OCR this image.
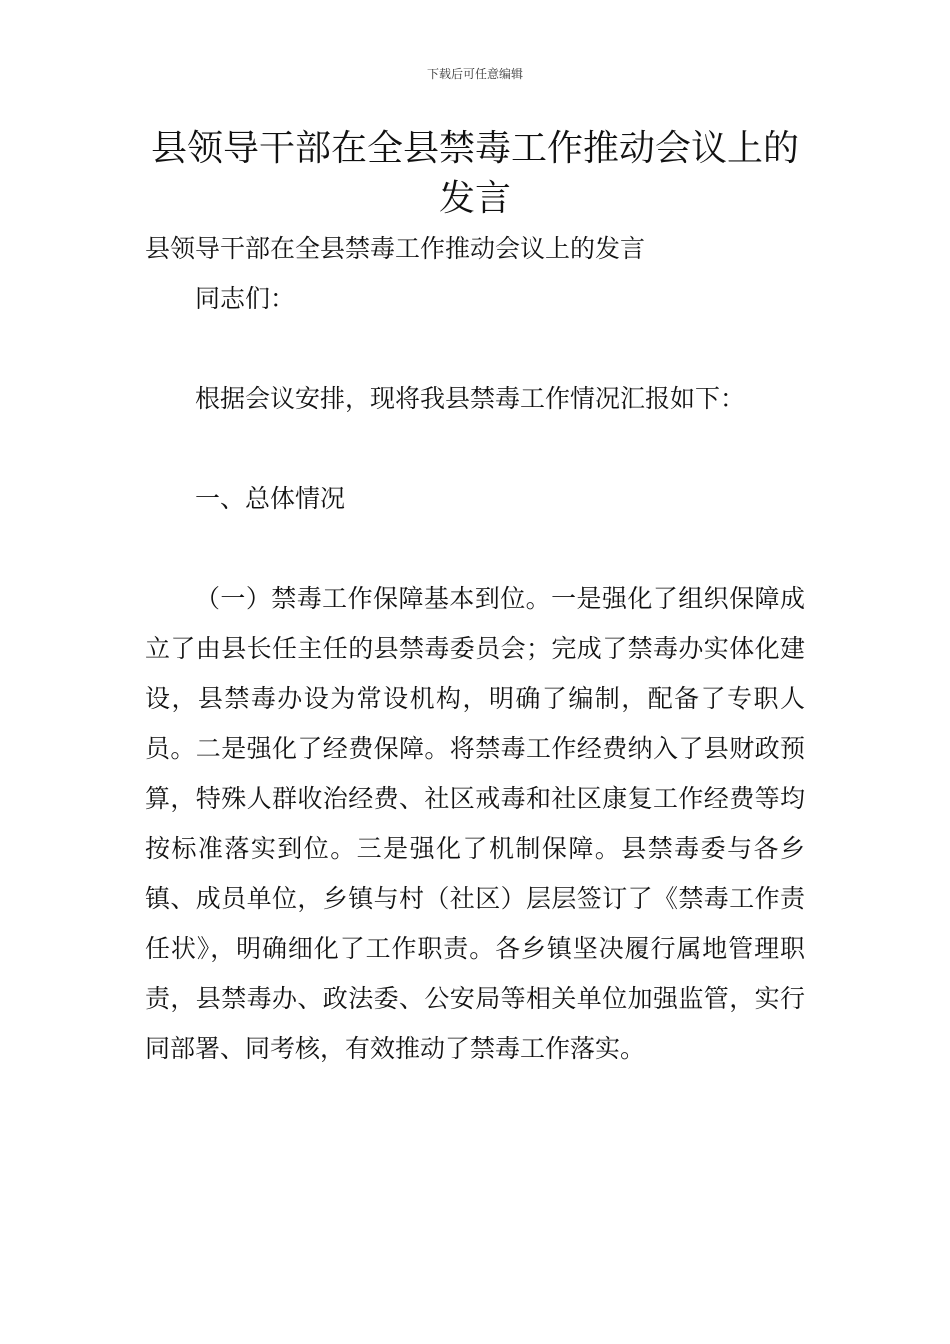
下载后可任意编辑
县领导干部在全县禁毒工作推动会议上的发言

县领导干部在全县禁毒工作推动会议上的发言

同志们：

根据会议安排，现将我县禁毒工作情况汇报如下：

一、总体情况

（一）禁毒工作保障基本到位。一是强化了组织保障成立了由县长任主任的县禁毒委员会；完成了禁毒办实体化建设，县禁毒办设为常设机构，明确了编制，配备了专职人员。二是强化了经费保障。将禁毒工作经费纳入了县财政预算，特殊人群收治经费、社区戒毒和社区康复工作经费等均按标准落实到位。三是强化了机制保障。县禁毒委与各乡镇、成员单位，乡镇与村（社区）层层签订了《禁毒工作责任状》，明确细化了工作职责。各乡镇坚决履行属地管理职责，县禁毒办、政法委、公安局等相关单位加强监管，实行同部署、同考核，有效推动了禁毒工作落实。
